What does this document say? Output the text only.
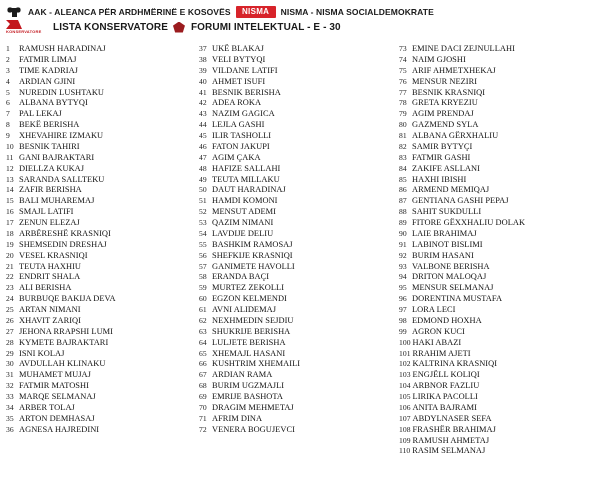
AAK - ALEANCA PËR ARDHMËRINË E KOSOVËS	NISMA	NISMA - NISMA SOCIALDEMOKRATE
KONSERVATORE LISTA KONSERVATORE FORUMI INTELEKTUAL - E - 30
1	RAMUSH HARADINAJ
2	FATMIR LIMAJ
3	TIME KADRIAJ
4	ARDIAN GJINI
5	NUREDIN LUSHTAKU
6	ALBANA BYTYQI
7	PAL LEKAJ
8	BEKË BERISHA
9	XHEVAHIRE IZMAKU
10 BESNIK TAHIRI
11 GANI BAJRAKTARI
12 DIELLZA KUKAJ
13 SARANDA SALLTEKU
14 ZAFIR BERISHA
15 BALI MUHAREMAJ
16 SMAJL LATIFI
17 ZENUN ELEZAJ
18 ARBËRESHË KRASNIQI
19 SHEMSEDIN DRESHAJ
20 VESEL KRASNIQI
21 TEUTA HAXHIU
22 ENDRIT SHALA
23 ALI BERISHA
24 BURBUQE BAKIJA DEVA
25 ARTAN NIMANI
26 XHAVIT ZARIQI
27 JEHONA RRAPSHI LUMI
28 KYMETE BAJRAKTARI
29 ISNI KOLAJ
30 AVDULLAH KLINAKU
31 MUHAMET MUJAJ
32 FATMIR MATOSHI
33 MARQE SELMANAJ
34 ARBER TOLAJ
35 ARTON DEMHASAJ
36 AGNESA HAJREDINI
37 UKË BLAKAJ
38 VELI BYTYQI
39 VILDANE LATIFI
40 AHMET ISUFI
41 BESNIK BERISHA
42 ADEA ROKA
43 NAZIM GAGICA
44 LEJLA GASHI
45 ILIR TASHOLLI
46 FATON JAKUPI
47 AGIM ÇAKA
48 HAFIZE SALLAHI
49 TEUTA MILLAKU
50 DAUT HARADINAJ
51 HAMDI KOMONI
52 MENSUT ADEMI
53 QAZIM NIMANI
54 LAVDIJE DELIU
55 BASHKIM RAMOSAJ
56 SHEFKIJE KRASNIQI
57 GANIMETE HAVOLLI
58 ERANDA BAÇI
59 MURTEZ ZEKOLLI
60 EGZON KELMENDI
61 AVNI ALIDEMAJ
62 NEXHMEDIN SEJDIU
63 SHUKRIJE BERISHA
64 LULJETE BERISHA
65 XHEMAJL HASANI
66 KUSHTRIM XHEMAILI
67 ARDIAN RAMA
68 BURIM UGZMAJLI
69 EMRIJE BASHOTA
70 DRAGIM MEHMETAJ
71 AFRIM DINA
72 VENERA BOGUJEVCI
73 EMINE DACI ZEJNULLAHI
74 NAIM GJOSHI
75 ARIF AHMETXHEKAJ
76 MENSUR NEZIRI
77 BESNIK KRASNIQI
78 GRETA KRYEZIU
79 AGIM PRENDAJ
80 GAZMEND SYLA
81 ALBANA GËRXHALIU
82 SAMIR BYTYÇI
83 FATMIR GASHI
84 ZAKIFE ASLLANI
85 HAXHI IBISHI
86 ARMEND MEMIQAJ
87 GENTIANA GASHI PEPAJ
88 SAHIT SUKDULLI
89 FITORE GËXXHALIU DOLAK
90 LAIE BRAHIMAJ
91 LABINOT BISLIMI
92 BURIM HASANI
93 VALBONE BERISHA
94 DRITON MALOQAJ
95 MENSUR SELMANAJ
96 DORENTINA MUSTAFA
97 LORA LECI
98 EDMOND HOXHA
99 AGRON KUCI
100 HAKI ABAZI
101 RRAHIM AJETI
102 KALTRINA KRASNIQI
103 ENGJËLL KOLIQI
104 ARBNOR FAZLIU
105 LIRIKA PACOLLI
106 ANITA BAJRAMI
107 ABDYLNASER SEFA
108 FRASHËR BRAHIMAJ
109 RAMUSH AHMETAJ
110 RASIM SELMANAJ
